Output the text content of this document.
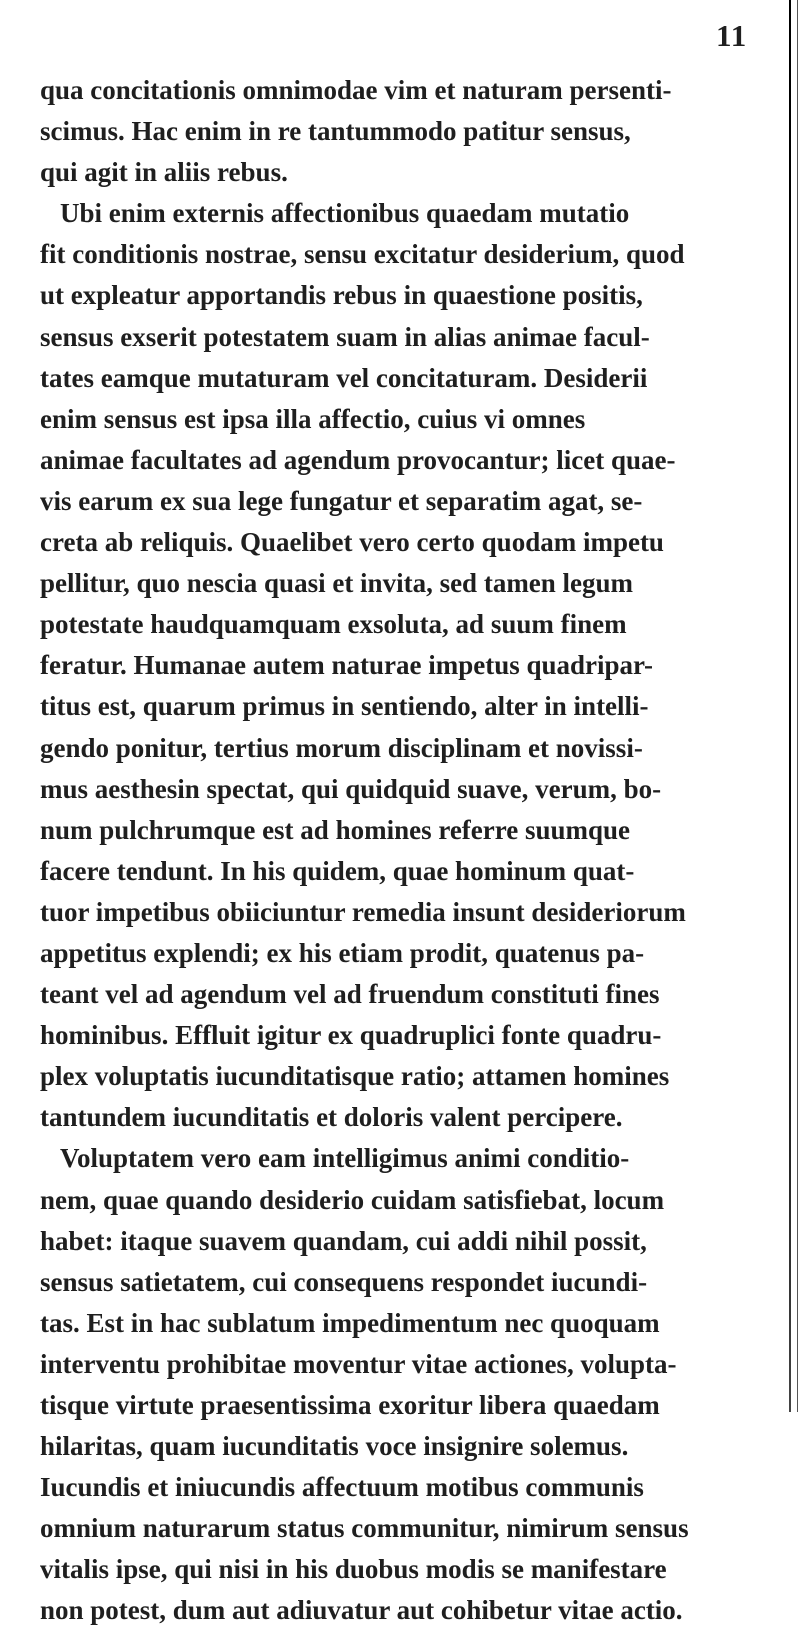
11
qua concitationis omnimodae vim et naturam persenti-
scimus. Hac enim in re tantummodo patitur sensus,
qui agit in aliis rebus.
Ubi enim externis affectionibus quaedam mutatio
fit conditionis nostrae, sensu excitatur desiderium, quod
ut expleatur apportandis rebus in quaestione positis,
sensus exserit potestatem suam in alias animae facul-
tates eamque mutaturam vel concitaturam. Desiderii
enim sensus est ipsa illa affectio, cuius vi omnes
animae facultates ad agendum provocantur; licet quae-
vis earum ex sua lege fungatur et separatim agat, se-
creta ab reliquis. Quaelibet vero certo quodam impetu
pellitur, quo nescia quasi et invita, sed tamen legum
potestate haudquamquam exsoluta, ad suum finem
feratur. Humanae autem naturae impetus quadripar-
titus est, quarum primus in sentiendo, alter in intelli-
gendo ponitur, tertius morum disciplinam et novissi-
mus aesthesin spectat, qui quidquid suave, verum, bo-
num pulchrumque est ad homines referre suumque
facere tendunt. In his quidem, quae hominum quat-
tuor impetibus obiiciuntur remedia insunt desideriorum
appetitus explendi; ex his etiam prodit, quatenus pa-
teant vel ad agendum vel ad fruendum constituti fines
hominibus. Effluit igitur ex quadruplici fonte quadru-
plex voluptatis iucunditatisque ratio; attamen homines
tantundem iucunditatis et doloris valent percipere.
Voluptatem vero eam intelligimus animi conditio-
nem, quae quando desiderio cuidam satisfiebat, locum
habet: itaque suavem quandam, cui addi nihil possit,
sensus satietatem, cui consequens respondet iucundi-
tas. Est in hac sublatum impedimentum nec quoquam
interventu prohibitae moventur vitae actiones, volupta-
tisque virtute praesentissima exoritur libera quaedam
hilaritas, quam iucunditatis voce insignire solemus.
Iucundis et iniucundis affectuum motibus communis
omnium naturarum status communitur, nimirum sensus
vitalis ipse, qui nisi in his duobus modis se manifestare
non potest, dum aut adiuvatur aut cohibetur vitae actio.
